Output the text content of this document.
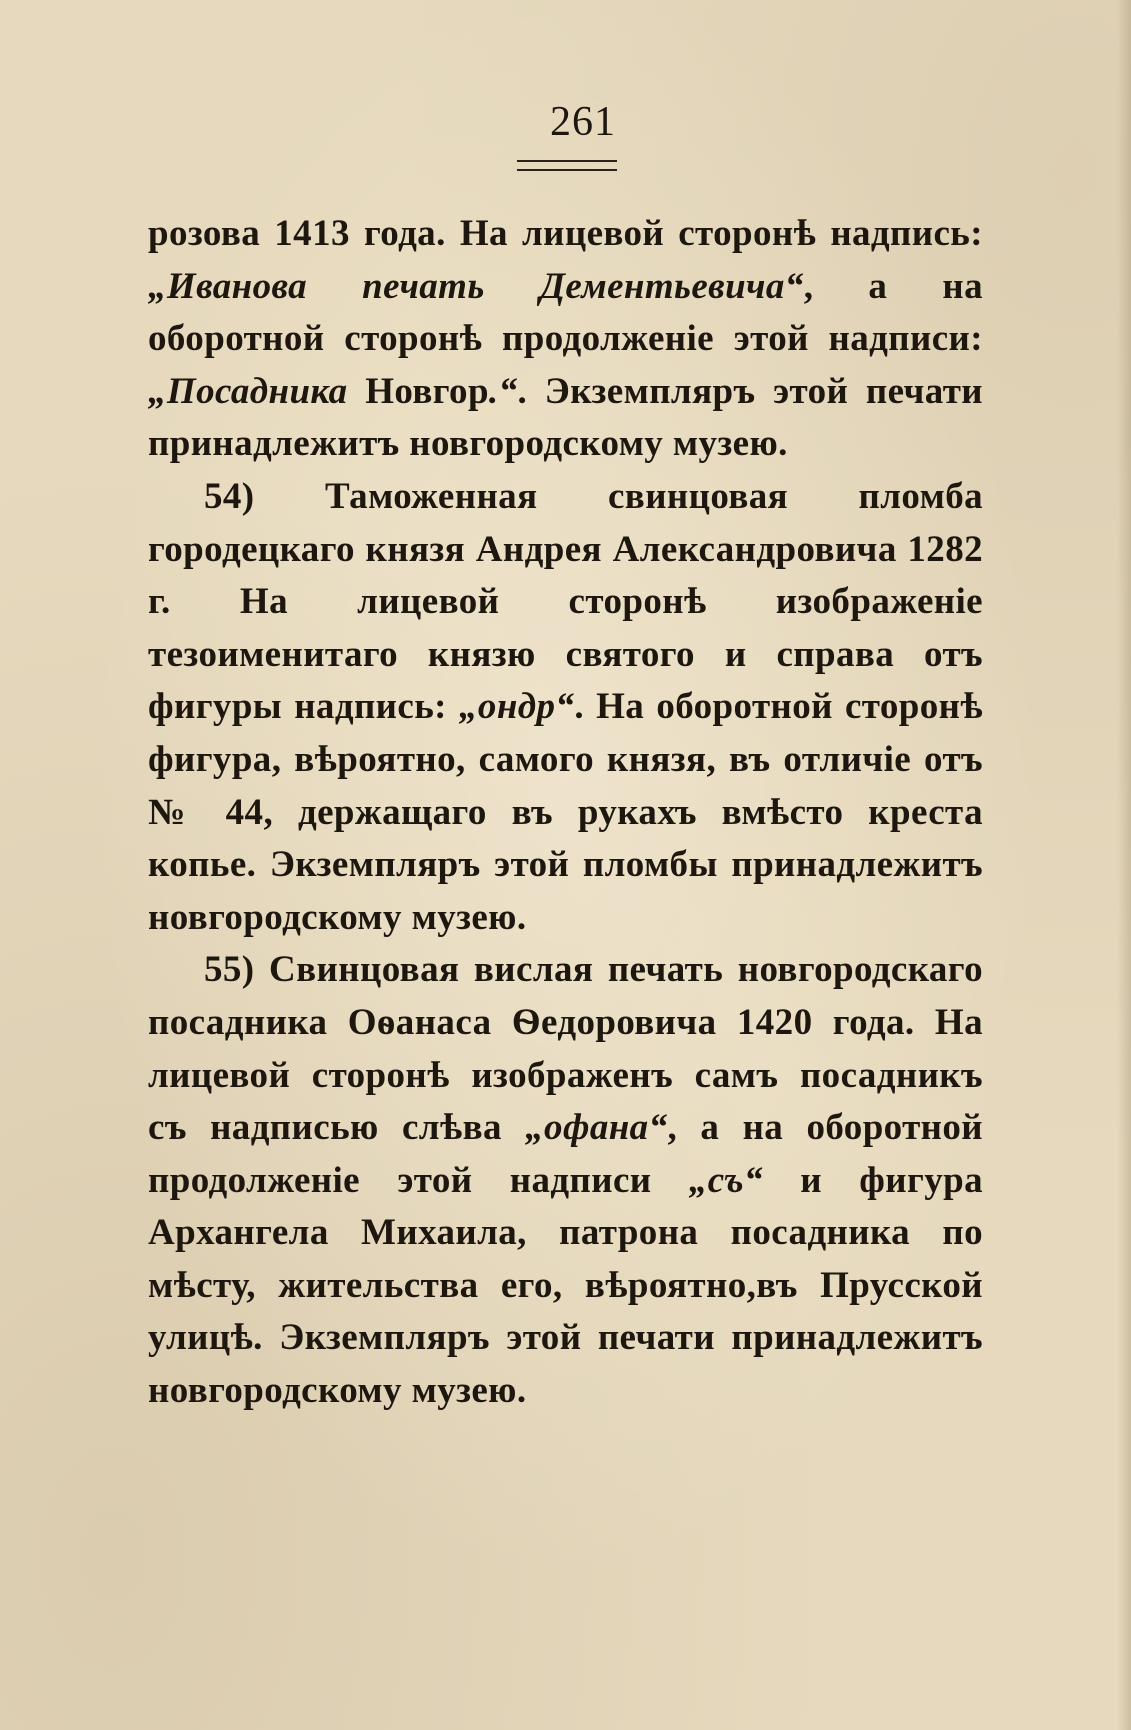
261

розова 1413 года. На лицевой сторонѣ надпись: „Иванова печать Дементьевича“, а на оборотной сторонѣ продолженіе этой надписи: „Посадника Новгор.“. Экземпляръ этой печати принадлежитъ новгородскому музею.

54) Таможенная свинцовая пломба городецкаго князя Андрея Александровича 1282 г. На лицевой сторонѣ изображеніе тезоименитаго князю святого и справа отъ фигуры надпись: „ондр“. На оборотной сторонѣ фигура, вѣроятно, самого князя, въ отличіе отъ № 44, держащаго въ рукахъ вмѣсто креста копье. Экземпляръ этой пломбы принадлежитъ новгородскому музею.

55) Свинцовая вислая печать новгородскаго посадника Оѳанаса Ѳедоровича 1420 года. На лицевой сторонѣ изображенъ самъ посадникъ съ надписью слѣва „офана“, а на оборотной продолженіе этой надписи „съ“ и фигура Архангела Михаила, патрона посадника по мѣсту, жительства его, вѣроятно,въ Прусской улицѣ. Экземпляръ этой печати принадлежитъ новгородскому музею.
